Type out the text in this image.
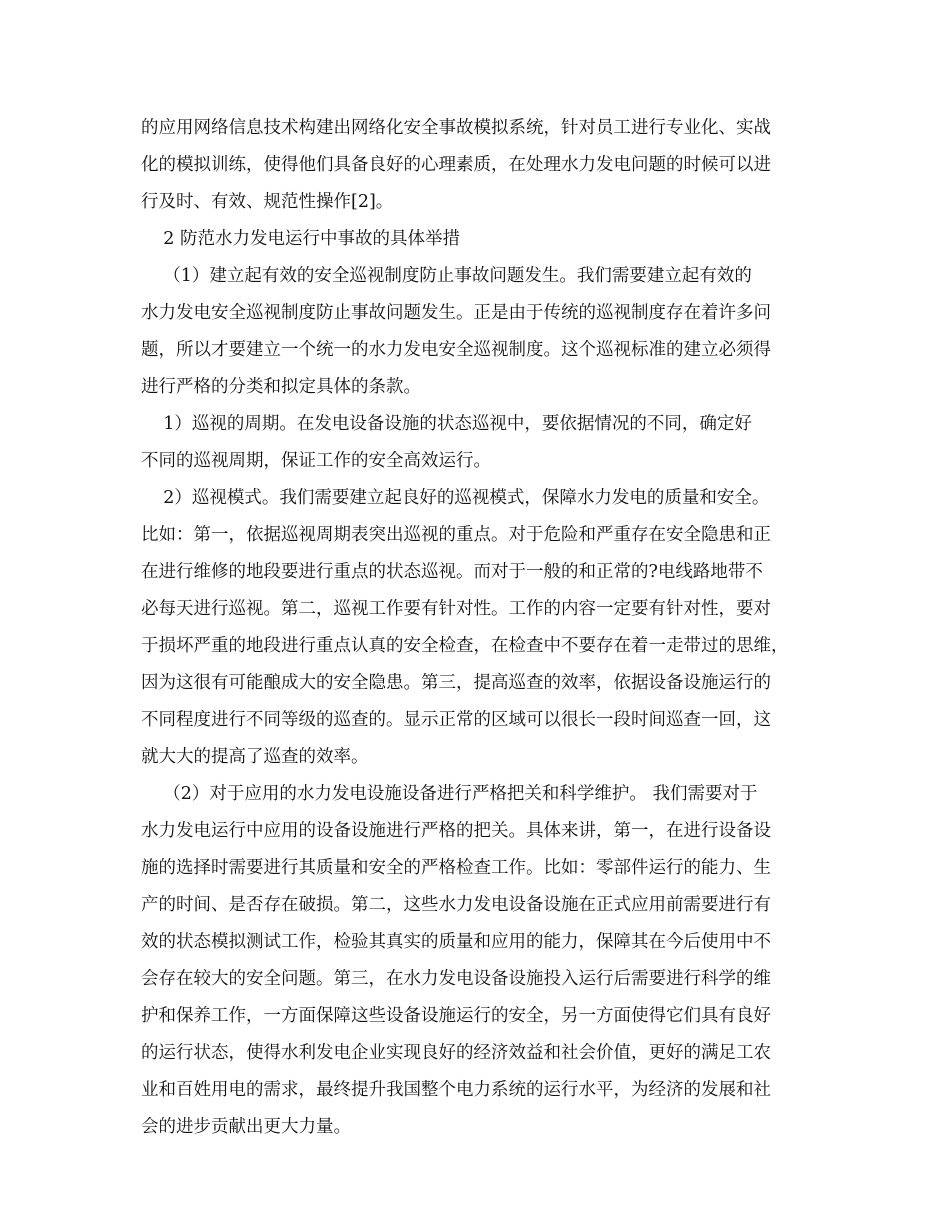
的应用网络信息技术构建出网络化安全事故模拟系统，针对员工进行专业化、实战
化的模拟训练，使得他们具备良好的心理素质，在处理水力发电问题的时候可以进
行及时、有效、规范性操作[2]。
2 防范水力发电运行中事故的具体举措
（1）建立起有效的安全巡视制度防止事故问题发生。我们需要建立起有效的
水力发电安全巡视制度防止事故问题发生。正是由于传统的巡视制度存在着许多问
题，所以才要建立一个统一的水力发电安全巡视制度。这个巡视标准的建立必须得
进行严格的分类和拟定具体的条款。
1）巡视的周期。在发电设备设施的状态巡视中，要依据情况的不同，确定好
不同的巡视周期，保证工作的安全高效运行。
2）巡视模式。我们需要建立起良好的巡视模式，保障水力发电的质量和安全。
比如：第一，依据巡视周期表突出巡视的重点。对于危险和严重存在安全隐患和正
在进行维修的地段要进行重点的状态巡视。而对于一般的和正常的?电线路地带不
必每天进行巡视。第二，巡视工作要有针对性。工作的内容一定要有针对性，要对
于损坏严重的地段进行重点认真的安全检查，在检查中不要存在着一走带过的思维，
因为这很有可能酿成大的安全隐患。第三，提高巡查的效率，依据设备设施运行的
不同程度进行不同等级的巡查的。显示正常的区域可以很长一段时间巡查一回，这
就大大的提高了巡查的效率。
（2）对于应用的水力发电设施设备进行严格把关和科学维护。 我们需要对于
水力发电运行中应用的设备设施进行严格的把关。具体来讲，第一，在进行设备设
施的选择时需要进行其质量和安全的严格检查工作。比如：零部件运行的能力、生
产的时间、是否存在破损。第二，这些水力发电设备设施在正式应用前需要进行有
效的状态模拟测试工作，检验其真实的质量和应用的能力，保障其在今后使用中不
会存在较大的安全问题。第三，在水力发电设备设施投入运行后需要进行科学的维
护和保养工作，一方面保障这些设备设施运行的安全，另一方面使得它们具有良好
的运行状态，使得水利发电企业实现良好的经济效益和社会价值，更好的满足工农
业和百姓用电的需求，最终提升我国整个电力系统的运行水平，为经济的发展和社
会的进步贡献出更大力量。
